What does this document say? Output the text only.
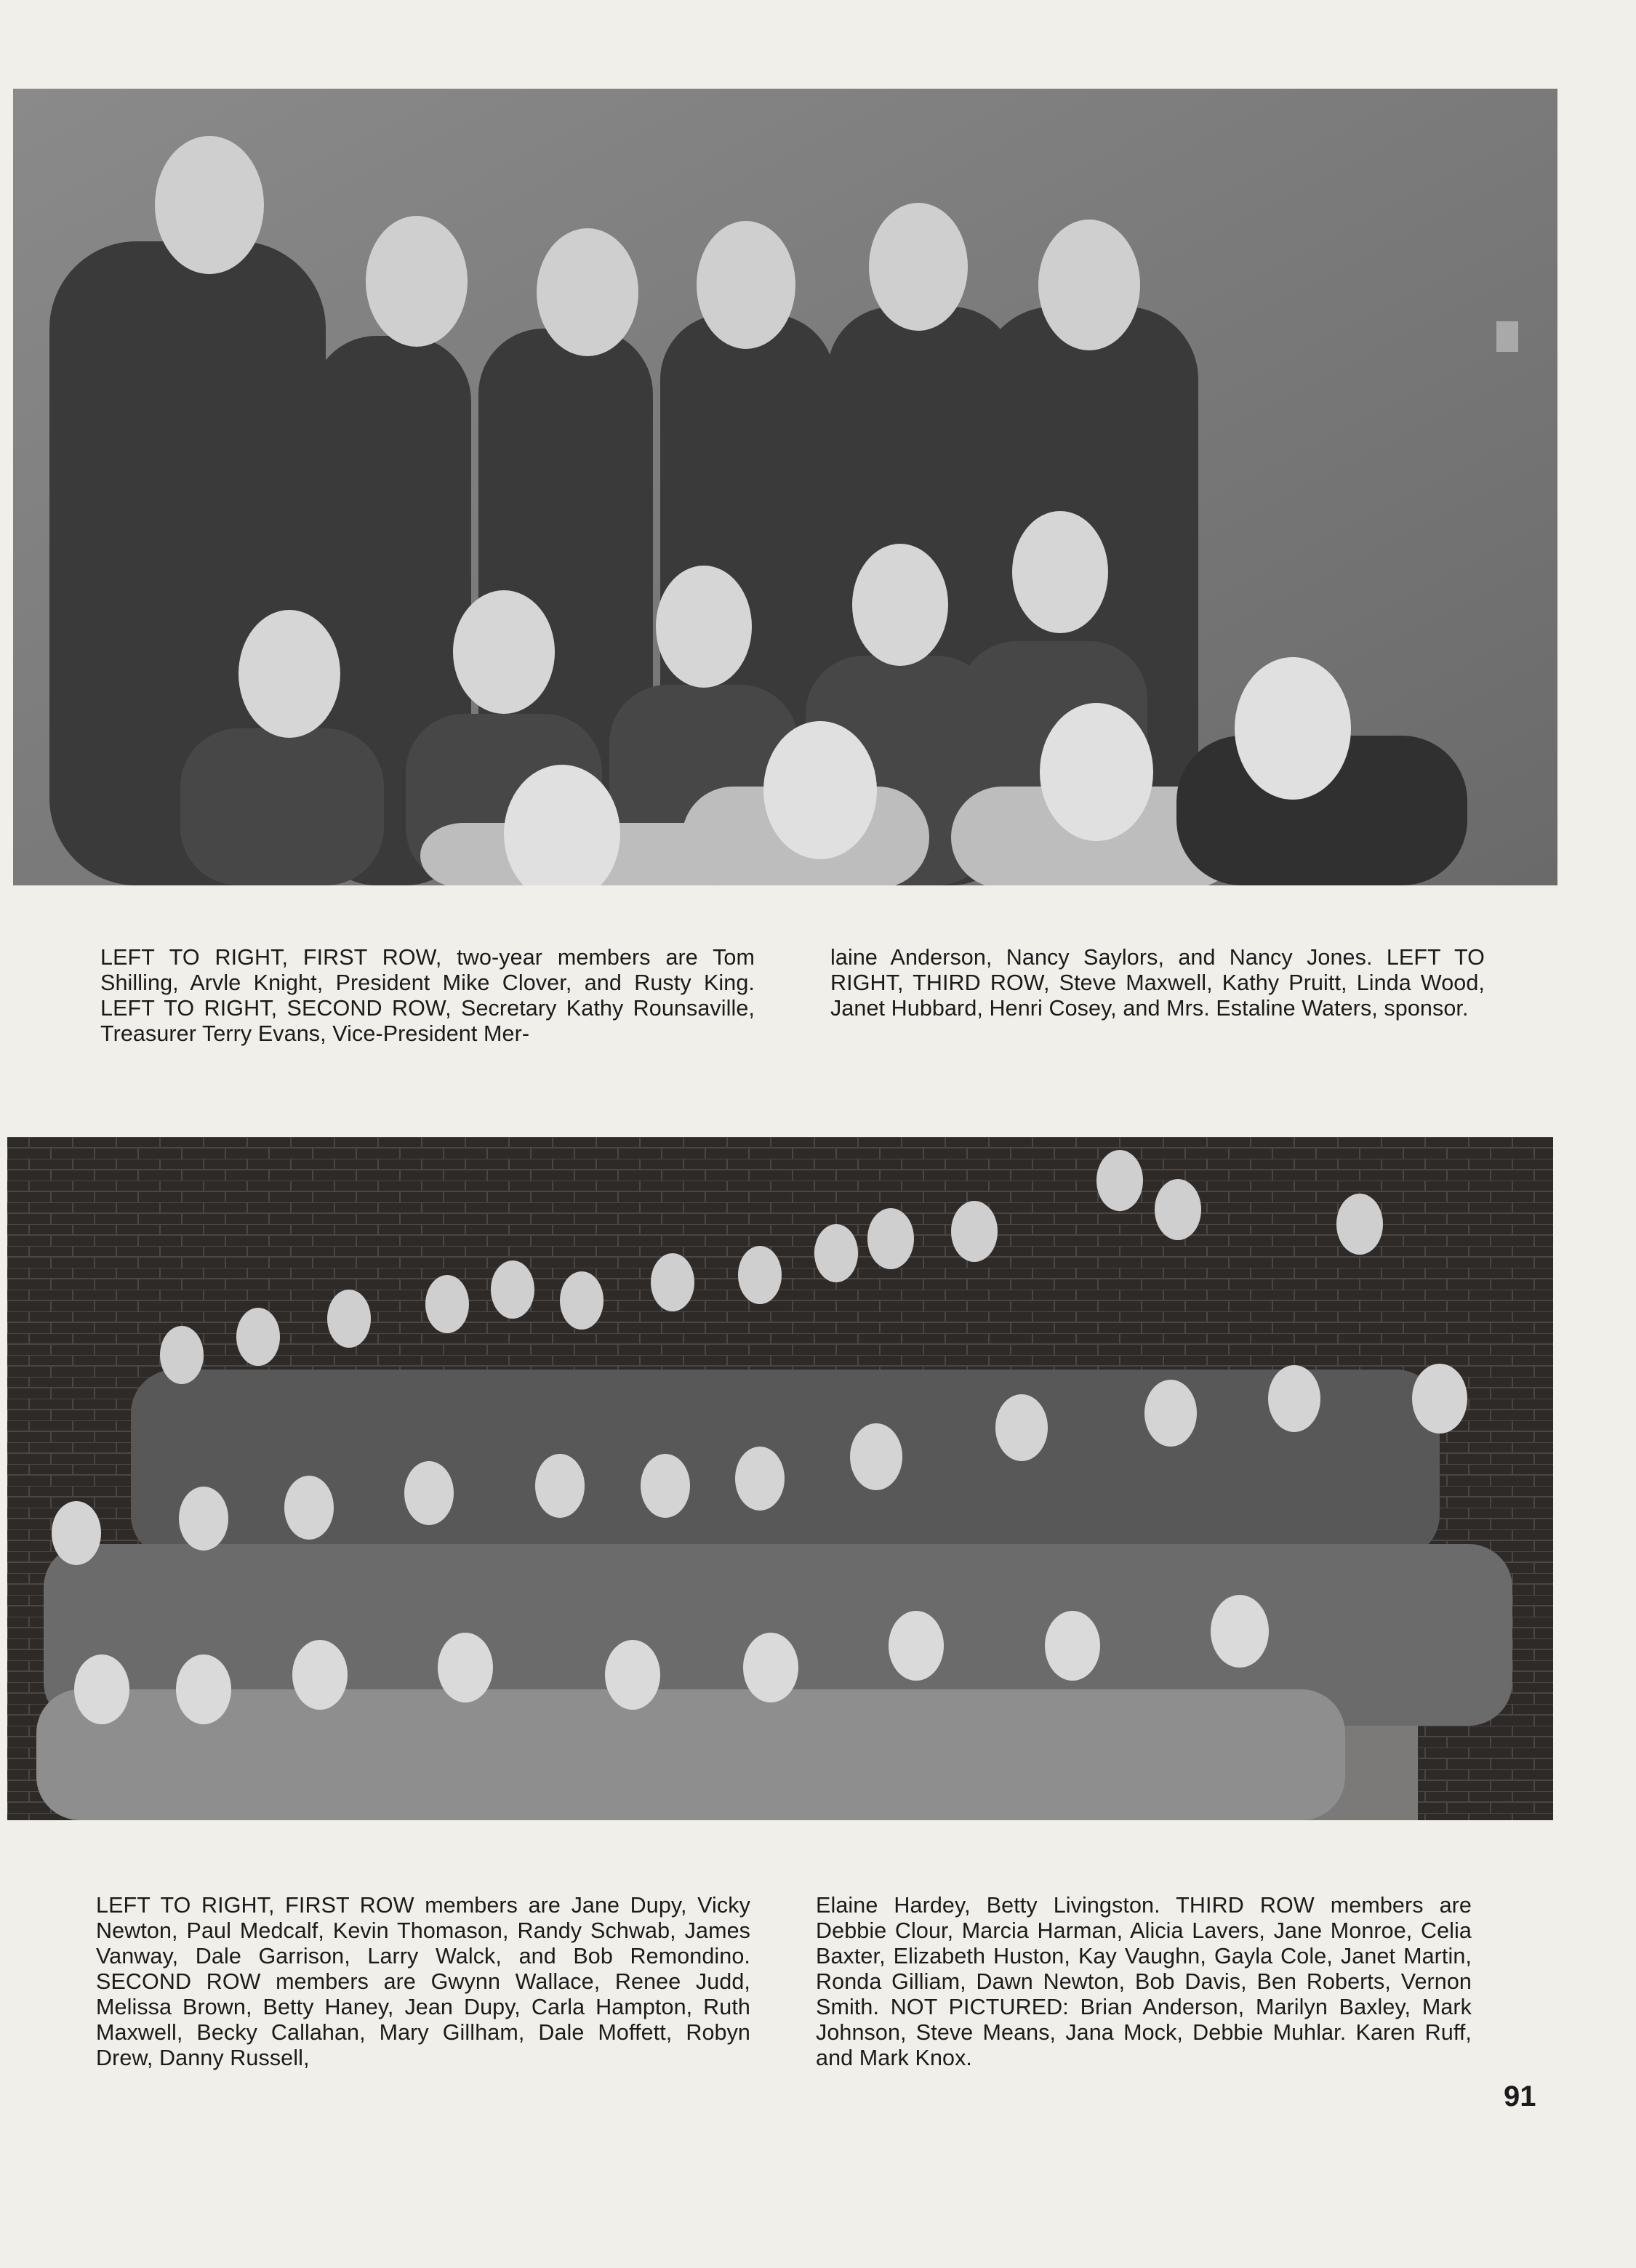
LEFT TO RIGHT, FIRST ROW, two-year members are Tom Shilling, Arvle Knight, President Mike Clover, and Rusty King. LEFT TO RIGHT, SECOND ROW, Secretary Kathy Rounsaville, Treasurer Terry Evans, Vice-President Mer-
laine Anderson, Nancy Saylors, and Nancy Jones. LEFT TO RIGHT, THIRD ROW, Steve Maxwell, Kathy Pruitt, Linda Wood, Janet Hubbard, Henri Cosey, and Mrs. Estaline Waters, sponsor.
LEFT TO RIGHT, FIRST ROW members are Jane Dupy, Vicky Newton, Paul Medcalf, Kevin Thomason, Randy Schwab, James Vanway, Dale Garrison, Larry Walck, and Bob Remondino. SECOND ROW members are Gwynn Wallace, Renee Judd, Melissa Brown, Betty Haney, Jean Dupy, Carla Hampton, Ruth Maxwell, Becky Callahan, Mary Gillham, Dale Moffett, Robyn Drew, Danny Russell,
Elaine Hardey, Betty Livingston. THIRD ROW members are Debbie Clour, Marcia Harman, Alicia Lavers, Jane Monroe, Celia Baxter, Elizabeth Huston, Kay Vaughn, Gayla Cole, Janet Martin, Ronda Gilliam, Dawn Newton, Bob Davis, Ben Roberts, Vernon Smith. NOT PICTURED: Brian Anderson, Marilyn Baxley, Mark Johnson, Steve Means, Jana Mock, Debbie Muhlar. Karen Ruff, and Mark Knox.
91
